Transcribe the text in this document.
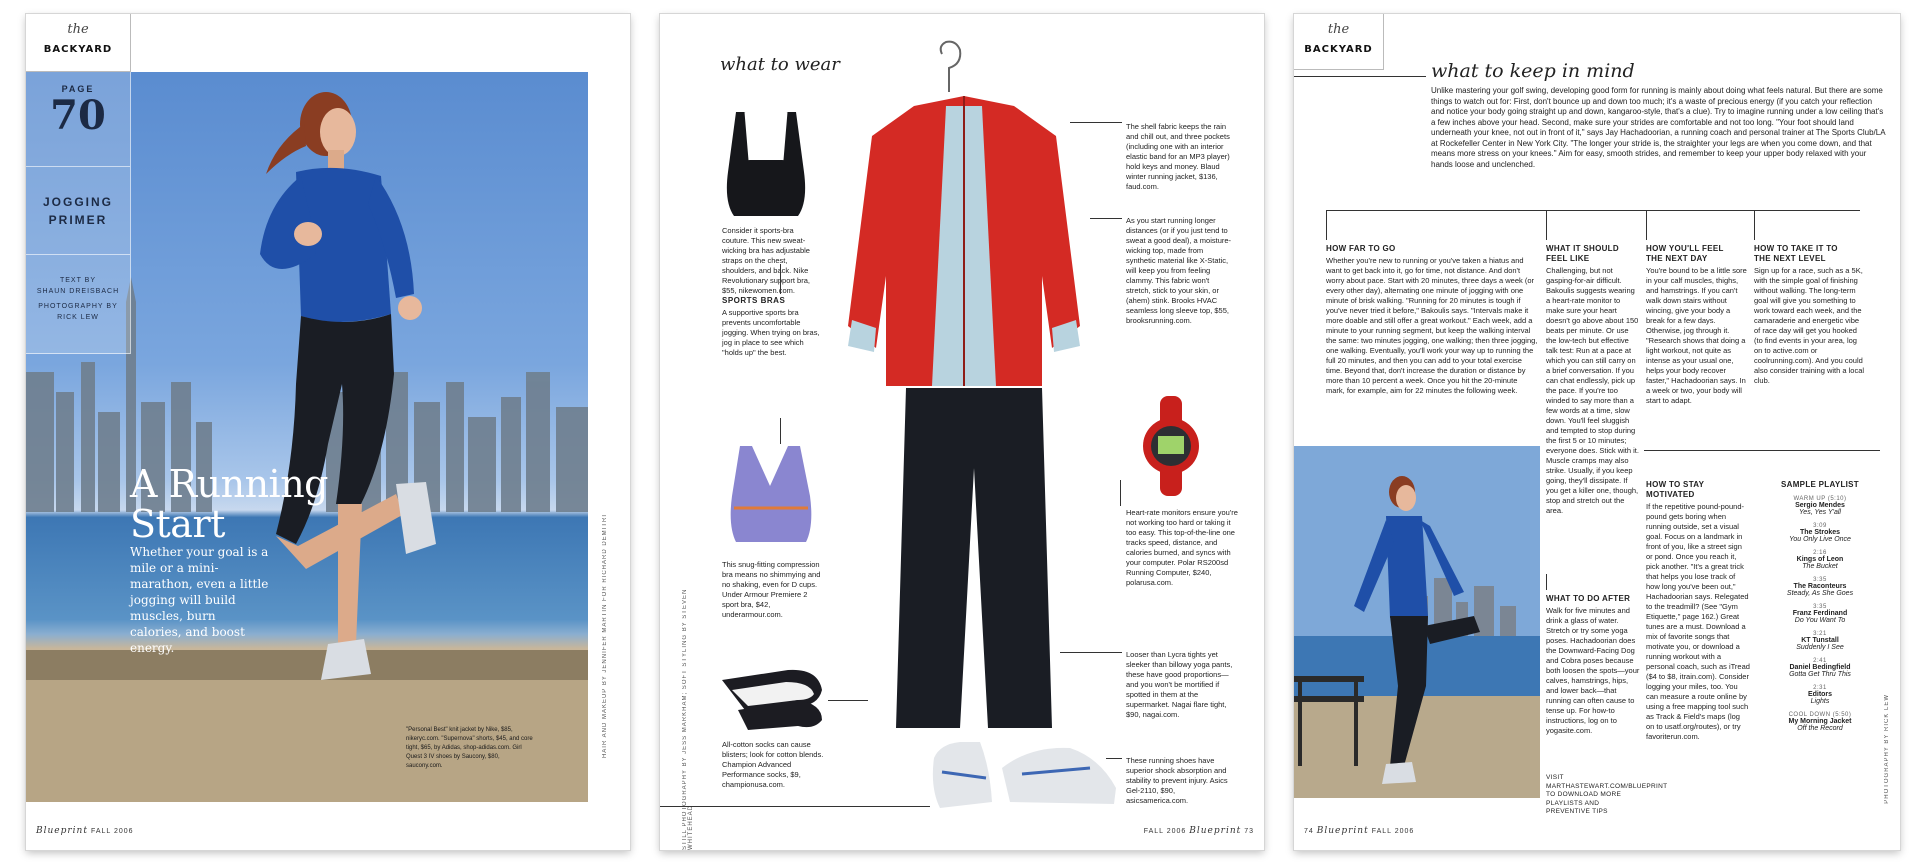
the
BACKYARD
PAGE
70
JOGGING
PRIMER
TEXT BY
SHAUN DREISBACH
PHOTOGRAPHY BY
RICK LEW
A Running
Start
Whether your goal is a mile or a mini-marathon, even a little jogging will build muscles, burn calories, and boost energy.
"Personal Best" knit jacket by Nike, $85, nikeryc.com. "Supernova" shorts, $45, and core tight, $65, by Adidas, shop-adidas.com. Girl Quest 3 IV shoes by Saucony, $80, saucony.com.
HAIR AND MAKEUP BY JENNIFER MARTIN FOR RICHARD DEMITRI
Blueprint FALL 2006
what to wear
Consider it sports-bra couture. This new sweat-wicking bra has adjustable straps on the chest, shoulders, and back. Nike Revolutionary support bra, $55, nikewomen.com.
SPORTS BRAS
A supportive sports bra prevents uncomfortable jogging. When trying on bras, jog in place to see which "holds up" the best.
This snug-fitting compression bra means no shimmying and no shaking, even for D cups. Under Armour Premiere 2 sport bra, $42, underarmour.com.
All-cotton socks can cause blisters; look for cotton blends. Champion Advanced Performance socks, $9, championusa.com.
STILL PHOTOGRAPHY BY JESS MARKHAM; SOFT STYLING BY STEVEN WHITEHEAD
The shell fabric keeps the rain and chill out, and three pockets (including one with an interior elastic band for an MP3 player) hold keys and money. Blaud winter running jacket, $136, faud.com.
As you start running longer distances (or if you just tend to sweat a good deal), a moisture-wicking top, made from synthetic material like X-Static, will keep you from feeling clammy. This fabric won't stretch, stick to your skin, or (ahem) stink. Brooks HVAC seamless long sleeve top, $55, brooksrunning.com.
Heart-rate monitors ensure you're not working too hard or taking it too easy. This top-of-the-line one tracks speed, distance, and calories burned, and syncs with your computer. Polar RS200sd Running Computer, $240, polarusa.com.
Looser than Lycra tights yet sleeker than billowy yoga pants, these have good proportions—and you won't be mortified if spotted in them at the supermarket. Nagai flare tight, $90, nagai.com.
These running shoes have superior shock absorption and stability to prevent injury. Asics Gel-2110, $90, asicsamerica.com.
FALL 2006 Blueprint 73
the
BACKYARD
what to keep in mind
Unlike mastering your golf swing, developing good form for running is mainly about doing what feels natural. But there are some things to watch out for: First, don't bounce up and down too much; it's a waste of precious energy (if you catch your reflection and notice your body going straight up and down, kangaroo-style, that's a clue). Try to imagine running under a low ceiling that's a few inches above your head. Second, make sure your strides are comfortable and not too long. "Your foot should land underneath your knee, not out in front of it," says Jay Hachadoorian, a running coach and personal trainer at The Sports Club/LA at Rockefeller Center in New York City. "The longer your stride is, the straighter your legs are when you come down, and that means more stress on your knees." Aim for easy, smooth strides, and remember to keep your upper body relaxed with your hands loose and unclenched.
HOW FAR TO GO
Whether you're new to running or you've taken a hiatus and want to get back into it, go for time, not distance. And don't worry about pace. Start with 20 minutes, three days a week (or every other day), alternating one minute of jogging with one minute of brisk walking. "Running for 20 minutes is tough if you've never tried it before," Bakoulis says. "Intervals make it more doable and still offer a great workout." Each week, add a minute to your running segment, but keep the walking interval the same: two minutes jogging, one walking; then three jogging, one walking. Eventually, you'll work your way up to running the full 20 minutes, and then you can add to your total exercise time. Beyond that, don't increase the duration or distance by more than 10 percent a week. Once you hit the 20-minute mark, for example, aim for 22 minutes the following week.
WHAT IT SHOULD
FEEL LIKE
Challenging, but not gasping-for-air difficult. Bakoulis suggests wearing a heart-rate monitor to make sure your heart doesn't go above about 150 beats per minute. Or use the low-tech but effective talk test: Run at a pace at which you can still carry on a brief conversation. If you can chat endlessly, pick up the pace. If you're too winded to say more than a few words at a time, slow down. You'll feel sluggish and tempted to stop during the first 5 or 10 minutes; everyone does. Stick with it. Muscle cramps may also strike. Usually, if you keep going, they'll dissipate. If you get a killer one, though, stop and stretch out the area.
HOW YOU'LL FEEL
THE NEXT DAY
You're bound to be a little sore in your calf muscles, thighs, and hamstrings. If you can't walk down stairs without wincing, give your body a break for a few days. Otherwise, jog through it. "Research shows that doing a light workout, not quite as intense as your usual one, helps your body recover faster," Hachadoorian says. In a week or two, your body will start to adapt.
HOW TO TAKE IT TO
THE NEXT LEVEL
Sign up for a race, such as a 5K, with the simple goal of finishing without walking. The long-term goal will give you something to work toward each week, and the camaraderie and energetic vibe of race day will get you hooked (to find events in your area, log on to active.com or coolrunning.com). And you could also consider training with a local club.
WHAT TO DO AFTER
Walk for five minutes and drink a glass of water. Stretch or try some yoga poses. Hachadoorian does the Downward-Facing Dog and Cobra poses because both loosen the spots—your calves, hamstrings, hips, and lower back—that running can often cause to tense up. For how-to instructions, log on to yogasite.com.
VISIT MARTHASTEWART.COM/BLUEPRINT TO DOWNLOAD MORE PLAYLISTS AND PREVENTIVE TIPS
HOW TO STAY
MOTIVATED
If the repetitive pound-pound-pound gets boring when running outside, set a visual goal. Focus on a landmark in front of you, like a street sign or pond. Once you reach it, pick another. "It's a great trick that helps you lose track of how long you've been out," Hachadoorian says. Relegated to the treadmill? (See "Gym Etiquette," page 162.) Great tunes are a must. Download a mix of favorite songs that motivate you, or download a running workout with a personal coach, such as iTread ($4 to $8, itrain.com). Consider logging your miles, too. You can measure a route online by using a free mapping tool such as Track & Field's maps (log on to usatf.org/routes), or try favoriterun.com.
SAMPLE PLAYLIST
WARM UP (5:10)
Sergio Mendes
Yes, Yes Y'all
3:09
The Strokes
You Only Live Once
2:16
Kings of Leon
The Bucket
3:35
The Raconteurs
Steady, As She Goes
3:35
Franz Ferdinand
Do You Want To
3:21
KT Tunstall
Suddenly I See
2:41
Daniel Bedingfield
Gotta Get Thru This
2:31
Editors
Lights
COOL DOWN (5:50)
My Morning Jacket
Off the Record	PHOTOGRAPHY BY RICK LEW
74 Blueprint FALL 2006
